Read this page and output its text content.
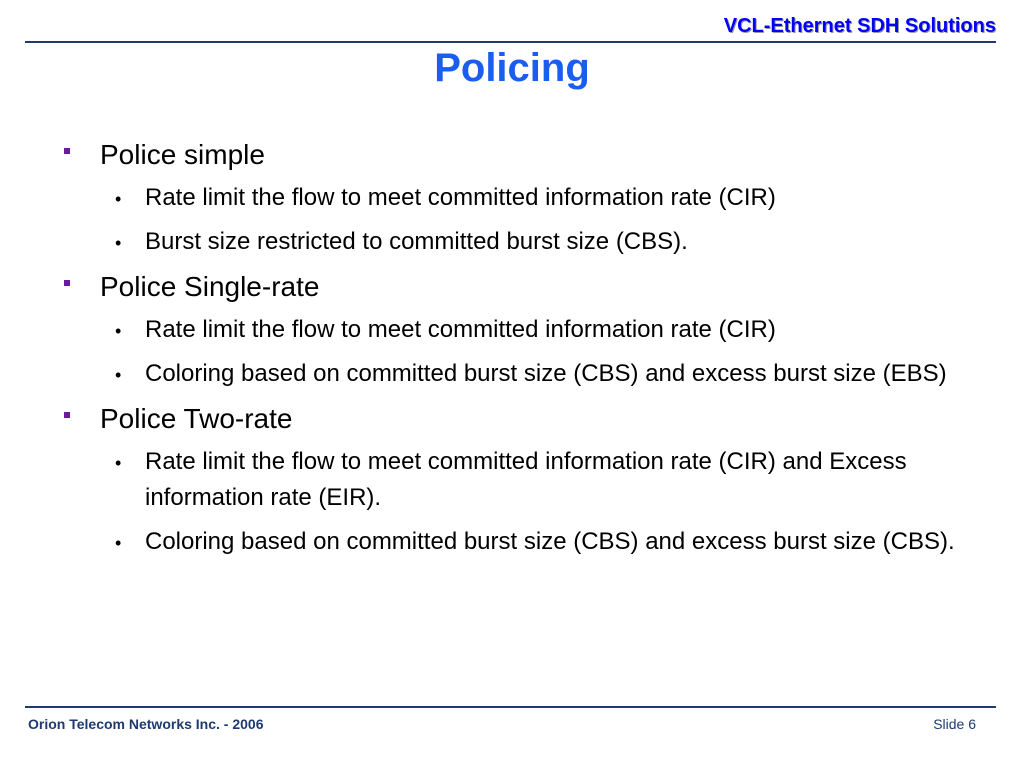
VCL-Ethernet SDH Solutions
Policing
Police simple
• Rate limit the flow to meet committed information rate (CIR)
• Burst size restricted to committed burst size (CBS).
Police Single-rate
• Rate limit the flow to meet committed information rate (CIR)
• Coloring based on committed burst size (CBS) and excess burst size (EBS)
Police Two-rate
• Rate limit the flow to meet committed information rate (CIR) and Excess information rate (EIR).
• Coloring based on committed burst size (CBS) and excess burst size (CBS).
Orion Telecom Networks Inc. - 2006	Slide 6
